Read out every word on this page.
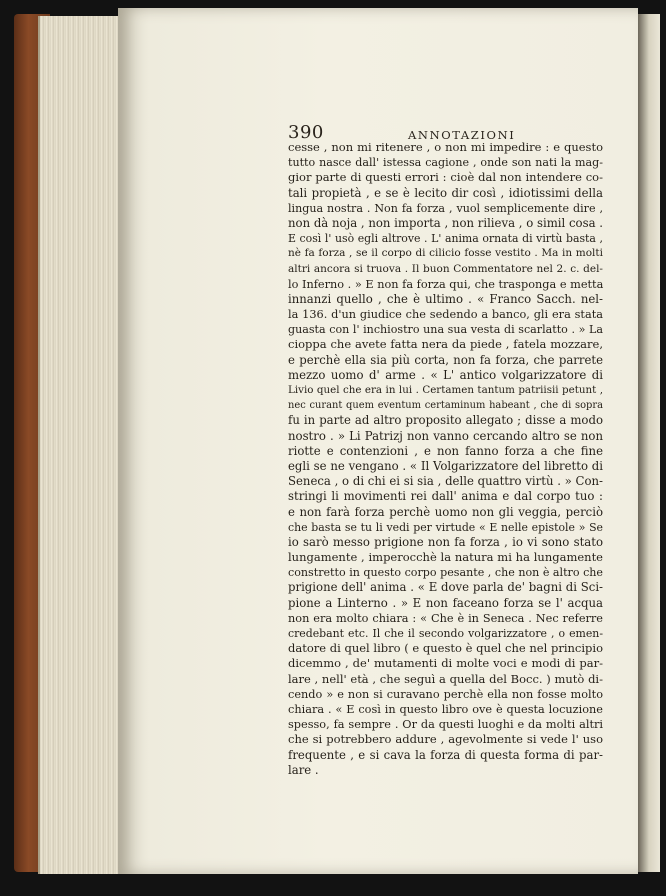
390	ANNOTAZIONI
cesse , non mi ritenere , o non mi impedire : e questo
tutto nasce dall' istessa cagione , onde son nati la mag-
gior parte di questi errori : cioè dal non intendere co-
tali propietà , e se è lecito dir così , idiotissimi della
lingua nostra . Non fa forza , vuol semplicemente dire ,
non dà noja , non importa , non rilieva , o simil cosa .
E così l' usò egli altrove . L' anima ornata di virtù basta ,
nè fa forza , se il corpo di cilicio fosse vestito . Ma in molti
altri ancora si truova . Il buon Commentatore nel 2. c. del-
lo Inferno . » E non fa forza qui, che trasponga e metta
innanzi quello , che è ultimo . « Franco Sacch. nel-
la 136. d'un giudice che sedendo a banco, gli era stata
guasta con l' inchiostro una sua vesta di scarlatto . » La
cioppa che avete fatta nera da piede , fatela mozzare,
e perchè ella sia più corta, non fa forza, che parrete
mezzo uomo d' arme . « L' antico volgarizzatore di
Livio quel che era in lui . Certamen tantum patriisii petunt ,
nec curant quem eventum certaminum habeant , che di sopra
fu in parte ad altro proposito allegato ; disse a modo
nostro . » Li Patrizj non vanno cercando altro se non
riotte e contenzioni , e non fanno forza a che fine
egli se ne vengano . « Il Volgarizzatore del libretto di
Seneca , o di chi ei si sia , delle quattro virtù . » Con-
stringi li movimenti rei dall' anima e dal corpo tuo :
e non farà forza perchè uomo non gli veggia, perciò
che basta se tu li vedi per virtude « E nelle epistole » Se
io sarò messo prigione non fa forza , io vi sono stato
lungamente , imperocchè la natura mi ha lungamente
constretto in questo corpo pesante , che non è altro che
prigione dell' anima . « E dove parla de' bagni di Sci-
pione a Linterno . » E non faceano forza se l' acqua
non era molto chiara : « Che è in Seneca . Nec referre
credebant etc. Il che il secondo volgarizzatore , o emen-
datore di quel libro ( e questo è quel che nel principio
dicemmo , de' mutamenti di molte voci e modi di par-
lare , nell' età , che seguì a quella del Bocc. ) mutò di-
cendo » e non si curavano perchè ella non fosse molto
chiara . « E così in questo libro ove è questa locuzione
spesso, fa sempre . Or da questi luoghi e da molti altri
che si potrebbero addure , agevolmente si vede l' uso
frequente , e si cava la forza di questa forma di par-
lare .
